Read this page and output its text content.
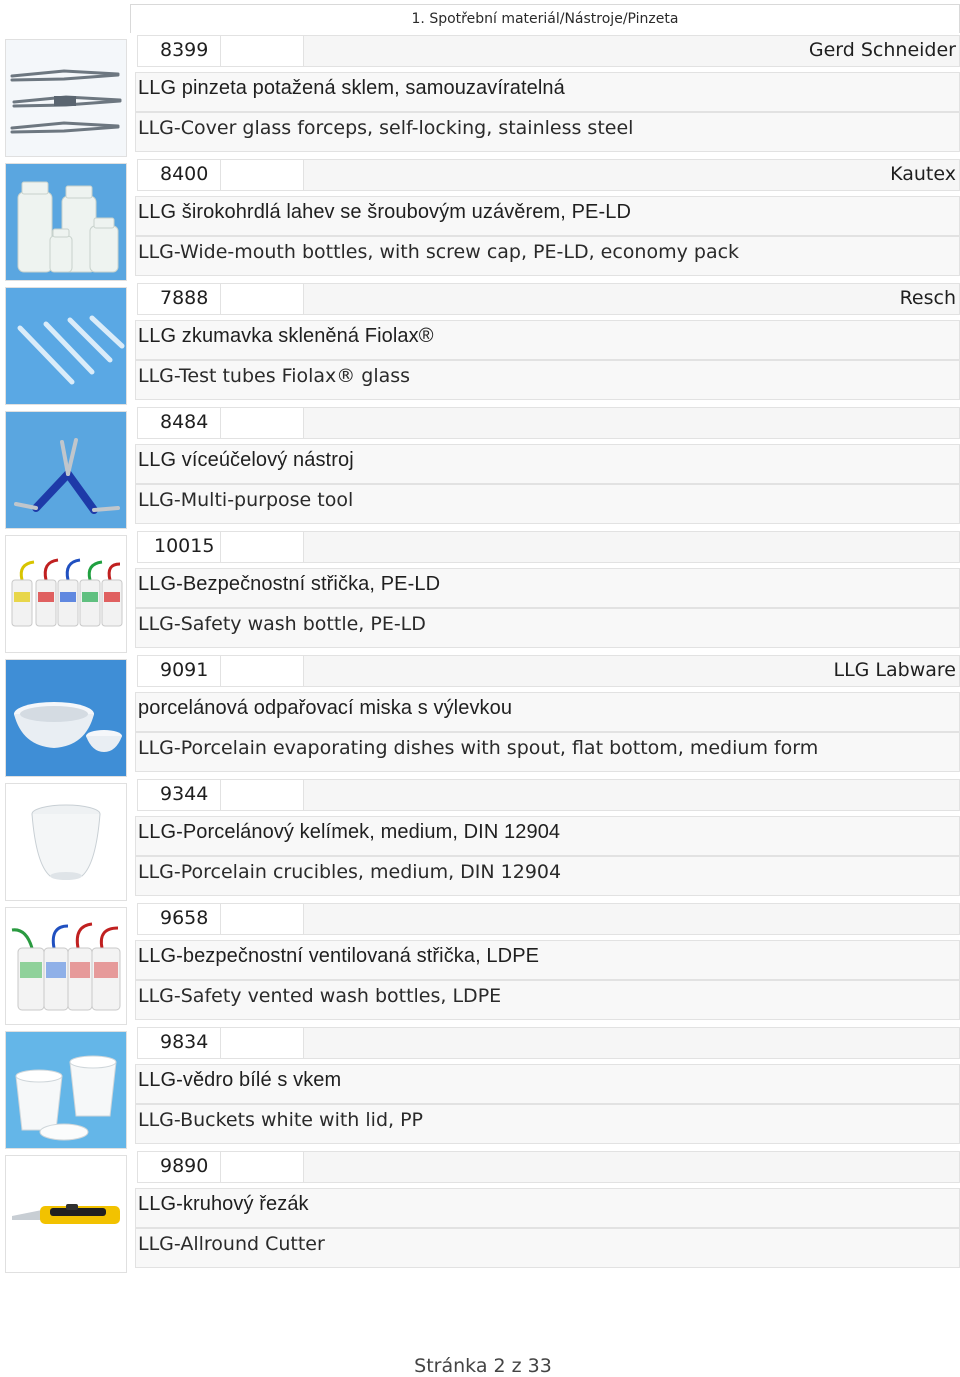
1. Spotřební materiál/Nástroje/Pinzeta
8399	Gerd Schneider
LLG pinzeta potažená sklem, samouzavíratelná
LLG-Cover glass forceps, self-locking, stainless steel
8400	Kautex
LLG širokohrdlá lahev se šroubovým uzávěrem, PE-LD
LLG-Wide-mouth bottles, with screw cap, PE-LD, economy pack
7888	Resch
LLG zkumavka skleněná Fiolax®
LLG-Test tubes Fiolax® glass
8484
LLG víceúčelový nástroj
LLG-Multi-purpose tool
10015
LLG-Bezpečnostní střička, PE-LD
LLG-Safety wash bottle, PE-LD
9091	LLG Labware
porcelánová odpařovací miska s výlevkou
LLG-Porcelain evaporating dishes with spout, flat bottom, medium form
9344
LLG-Porcelánový kelímek, medium, DIN 12904
LLG-Porcelain crucibles, medium, DIN 12904
9658
LLG-bezpečnostní ventilovaná střička, LDPE
LLG-Safety vented wash bottles, LDPE
9834
LLG-vědro bílé s vkem
LLG-Buckets white with lid, PP
9890
LLG-kruhový řezák
LLG-Allround Cutter
Stránka 2 z 33
